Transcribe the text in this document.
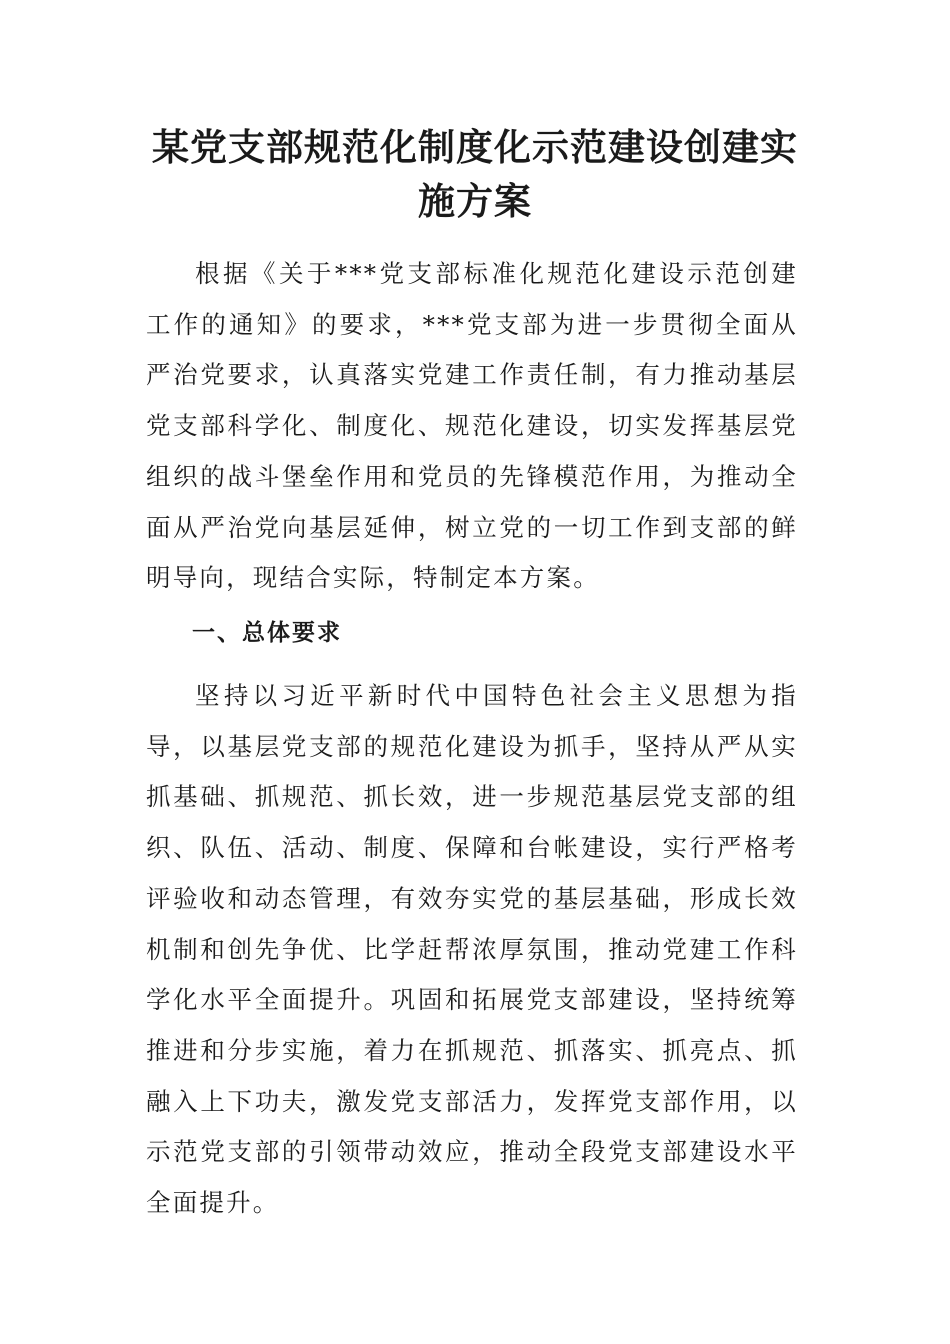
某党支部规范化制度化示范建设创建实施方案

根据《关于***党支部标准化规范化建设示范创建工作的通知》的要求，***党支部为进一步贯彻全面从严治党要求，认真落实党建工作责任制，有力推动基层党支部科学化、制度化、规范化建设，切实发挥基层党组织的战斗堡垒作用和党员的先锋模范作用，为推动全面从严治党向基层延伸，树立党的一切工作到支部的鲜明导向，现结合实际，特制定本方案。

一、总体要求

坚持以习近平新时代中国特色社会主义思想为指导，以基层党支部的规范化建设为抓手，坚持从严从实抓基础、抓规范、抓长效，进一步规范基层党支部的组织、队伍、活动、制度、保障和台帐建设，实行严格考评验收和动态管理，有效夯实党的基层基础，形成长效机制和创先争优、比学赶帮浓厚氛围，推动党建工作科学化水平全面提升。巩固和拓展党支部建设，坚持统筹推进和分步实施，着力在抓规范、抓落实、抓亮点、抓融入上下功夫，激发党支部活力，发挥党支部作用，以示范党支部的引领带动效应，推动全段党支部建设水平全面提升。
